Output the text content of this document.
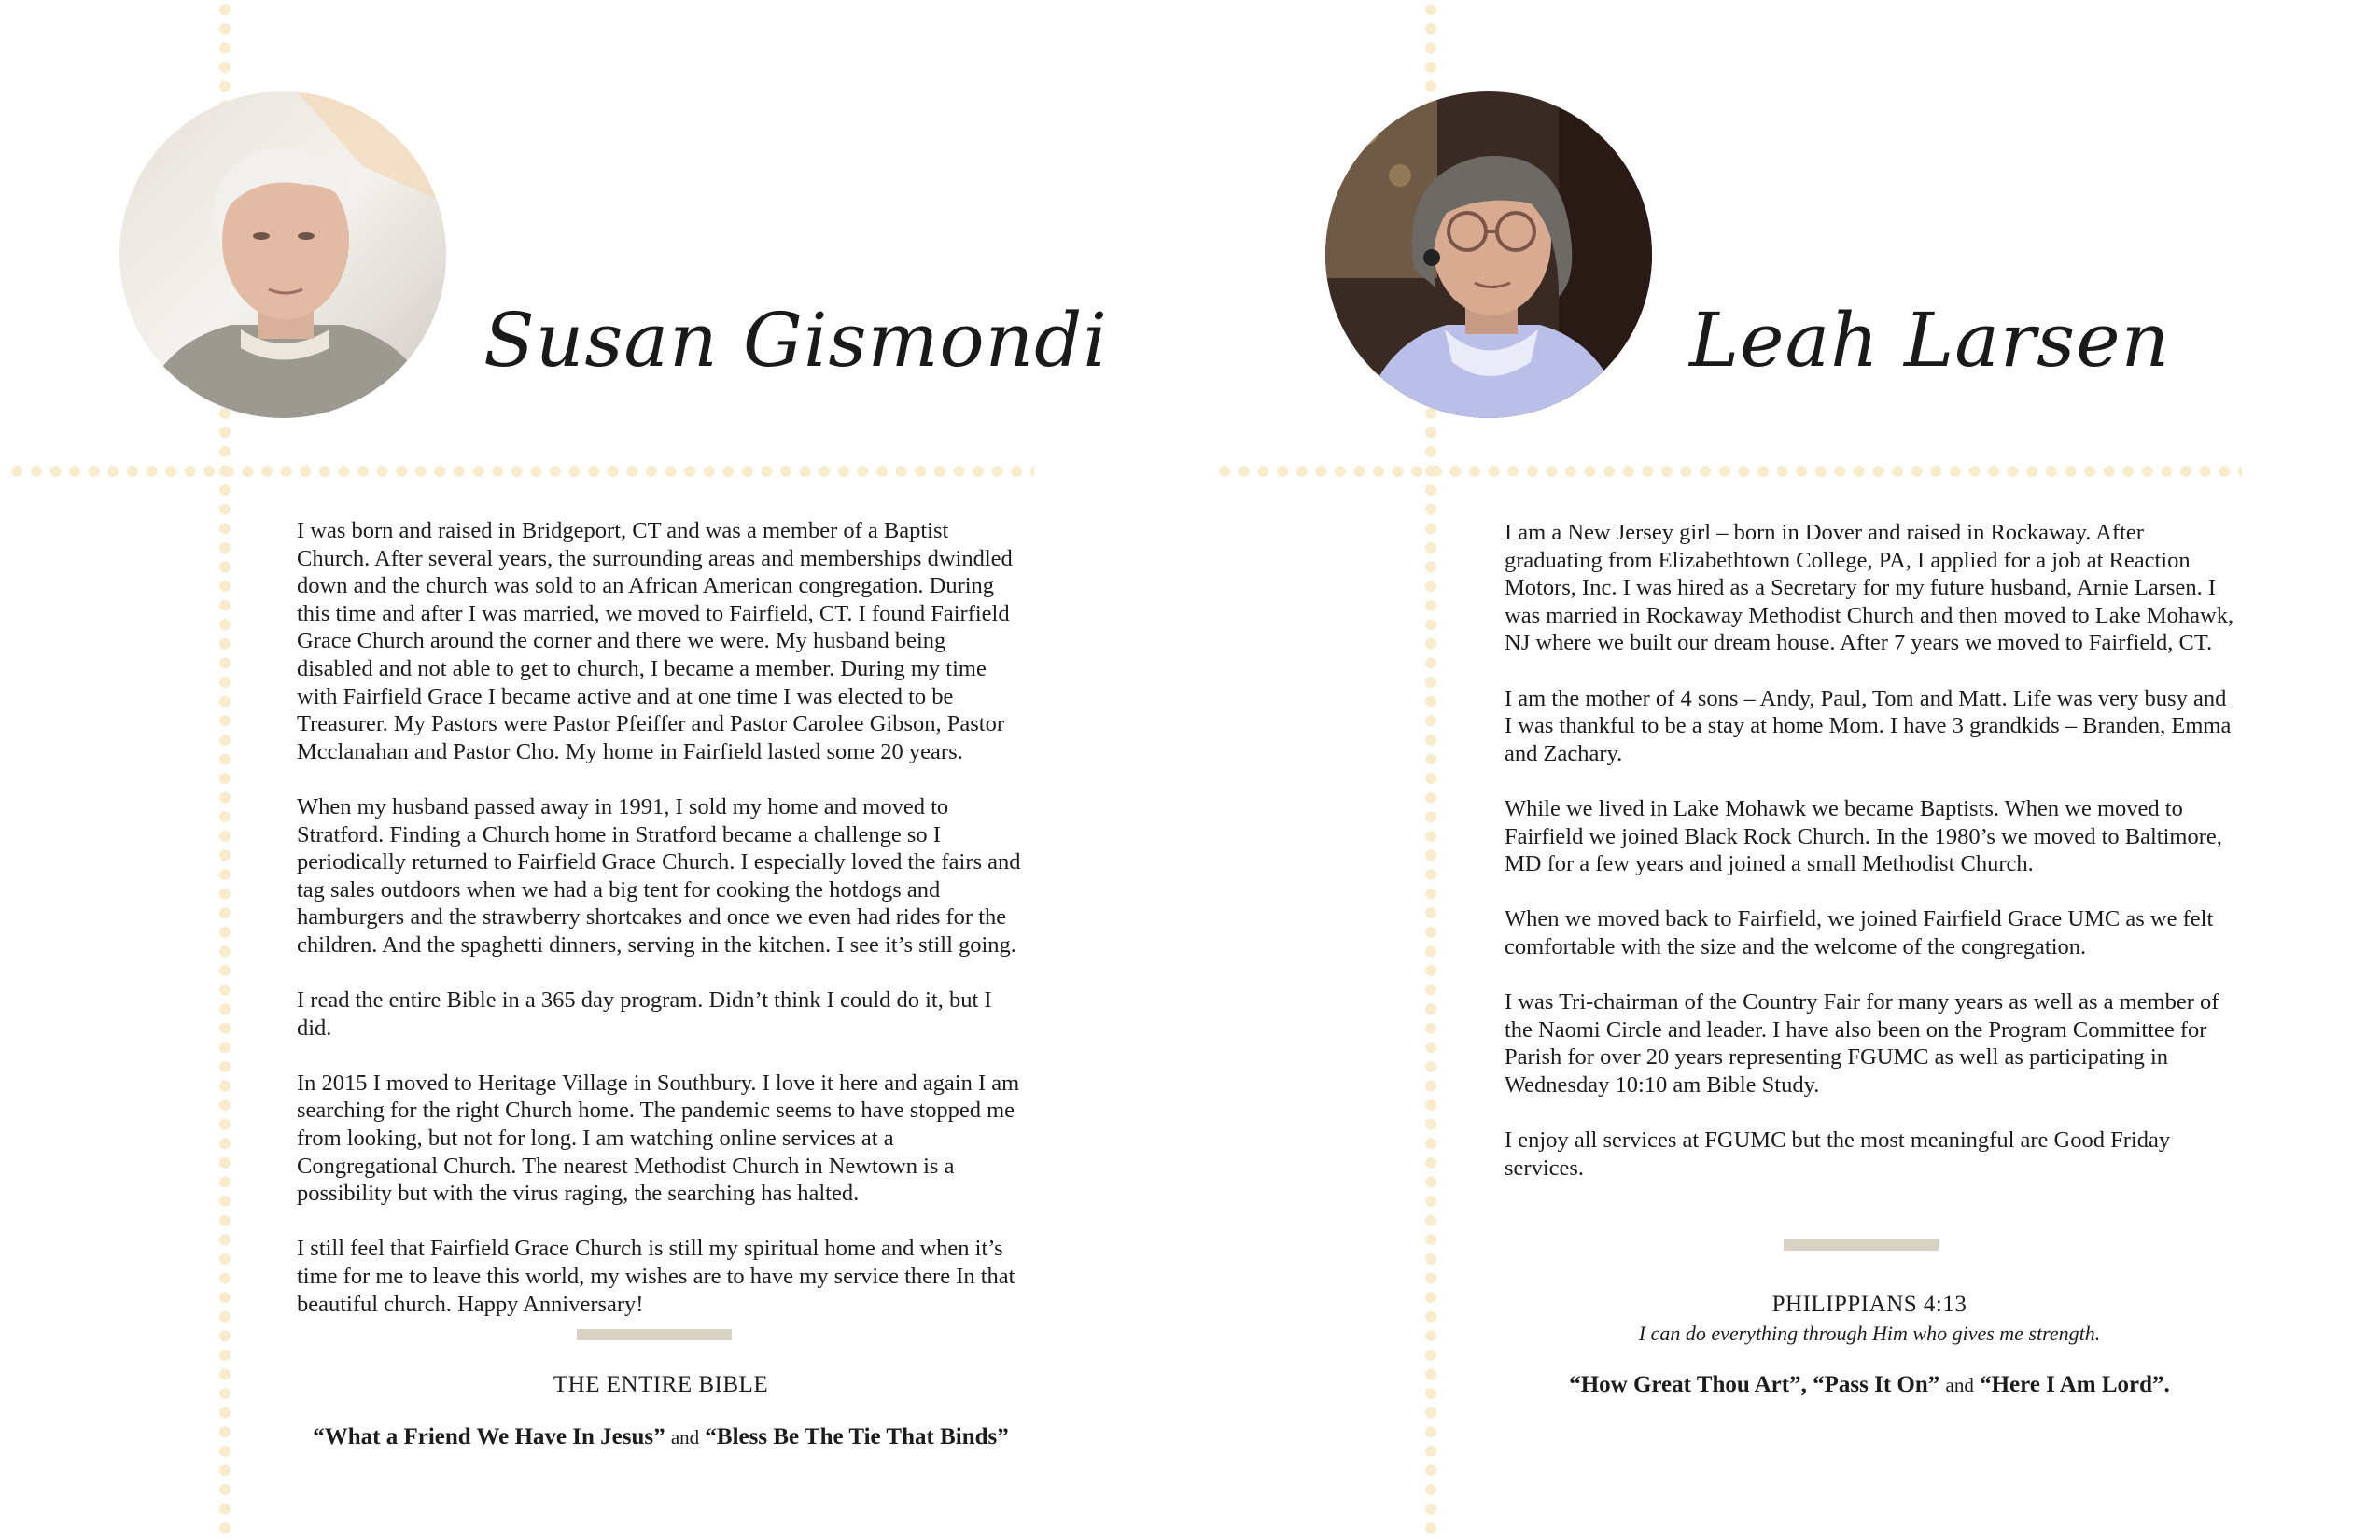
Susan Gismondi

I was born and raised in Bridgeport, CT and was a member of a Baptist Church. After several years, the surrounding areas and memberships dwindled down and the church was sold to an African American congregation. During this time and after I was married, we moved to Fairfield, CT. I found Fairfield Grace Church around the corner and there we were. My husband being disabled and not able to get to church, I became a member. During my time with Fairfield Grace I became active and at one time I was elected to be Treasurer. My Pastors were Pastor Pfeiffer and Pastor Carolee Gibson, Pastor Mcclanahan and Pastor Cho. My home in Fairfield lasted some 20 years.

When my husband passed away in 1991, I sold my home and moved to Stratford. Finding a Church home in Stratford became a challenge so I periodically returned to Fairfield Grace Church. I especially loved the fairs and tag sales outdoors when we had a big tent for cooking the hotdogs and hamburgers and the strawberry shortcakes and once we even had rides for the children. And the spaghetti dinners, serving in the kitchen. I see it’s still going.

I read the entire Bible in a 365 day program. Didn’t think I could do it, but I did.

In 2015 I moved to Heritage Village in Southbury. I love it here and again I am searching for the right Church home. The pandemic seems to have stopped me from looking, but not for long. I am watching online services at a Congregational Church. The nearest Methodist Church in Newtown is a possibility but with the virus raging, the searching has halted.

I still feel that Fairfield Grace Church is still my spiritual home and when it’s time for me to leave this world, my wishes are to have my service there In that beautiful church. Happy Anniversary!

THE ENTIRE BIBLE
“What a Friend We Have In Jesus” and “Bless Be The Tie That Binds”
Leah Larsen

I am a New Jersey girl – born in Dover and raised in Rockaway. After graduating from Elizabethtown College, PA, I applied for a job at Reaction Motors, Inc. I was hired as a Secretary for my future husband, Arnie Larsen. I was married in Rockaway Methodist Church and then moved to Lake Mohawk, NJ where we built our dream house. After 7 years we moved to Fairfield, CT.

I am the mother of 4 sons – Andy, Paul, Tom and Matt. Life was very busy and I was thankful to be a stay at home Mom. I have 3 grandkids – Branden, Emma and Zachary.

While we lived in Lake Mohawk we became Baptists. When we moved to Fairfield we joined Black Rock Church. In the 1980’s we moved to Baltimore, MD for a few years and joined a small Methodist Church.

When we moved back to Fairfield, we joined Fairfield Grace UMC as we felt comfortable with the size and the welcome of the congregation.

I was Tri-chairman of the Country Fair for many years as well as a member of the Naomi Circle and leader. I have also been on the Program Committee for Parish for over 20 years representing FGUMC as well as participating in Wednesday 10:10 am Bible Study.

I enjoy all services at FGUMC but the most meaningful are Good Friday services.

PHILIPPIANS 4:13
I can do everything through Him who gives me strength.
“How Great Thou Art”, “Pass It On” and “Here I Am Lord”.
